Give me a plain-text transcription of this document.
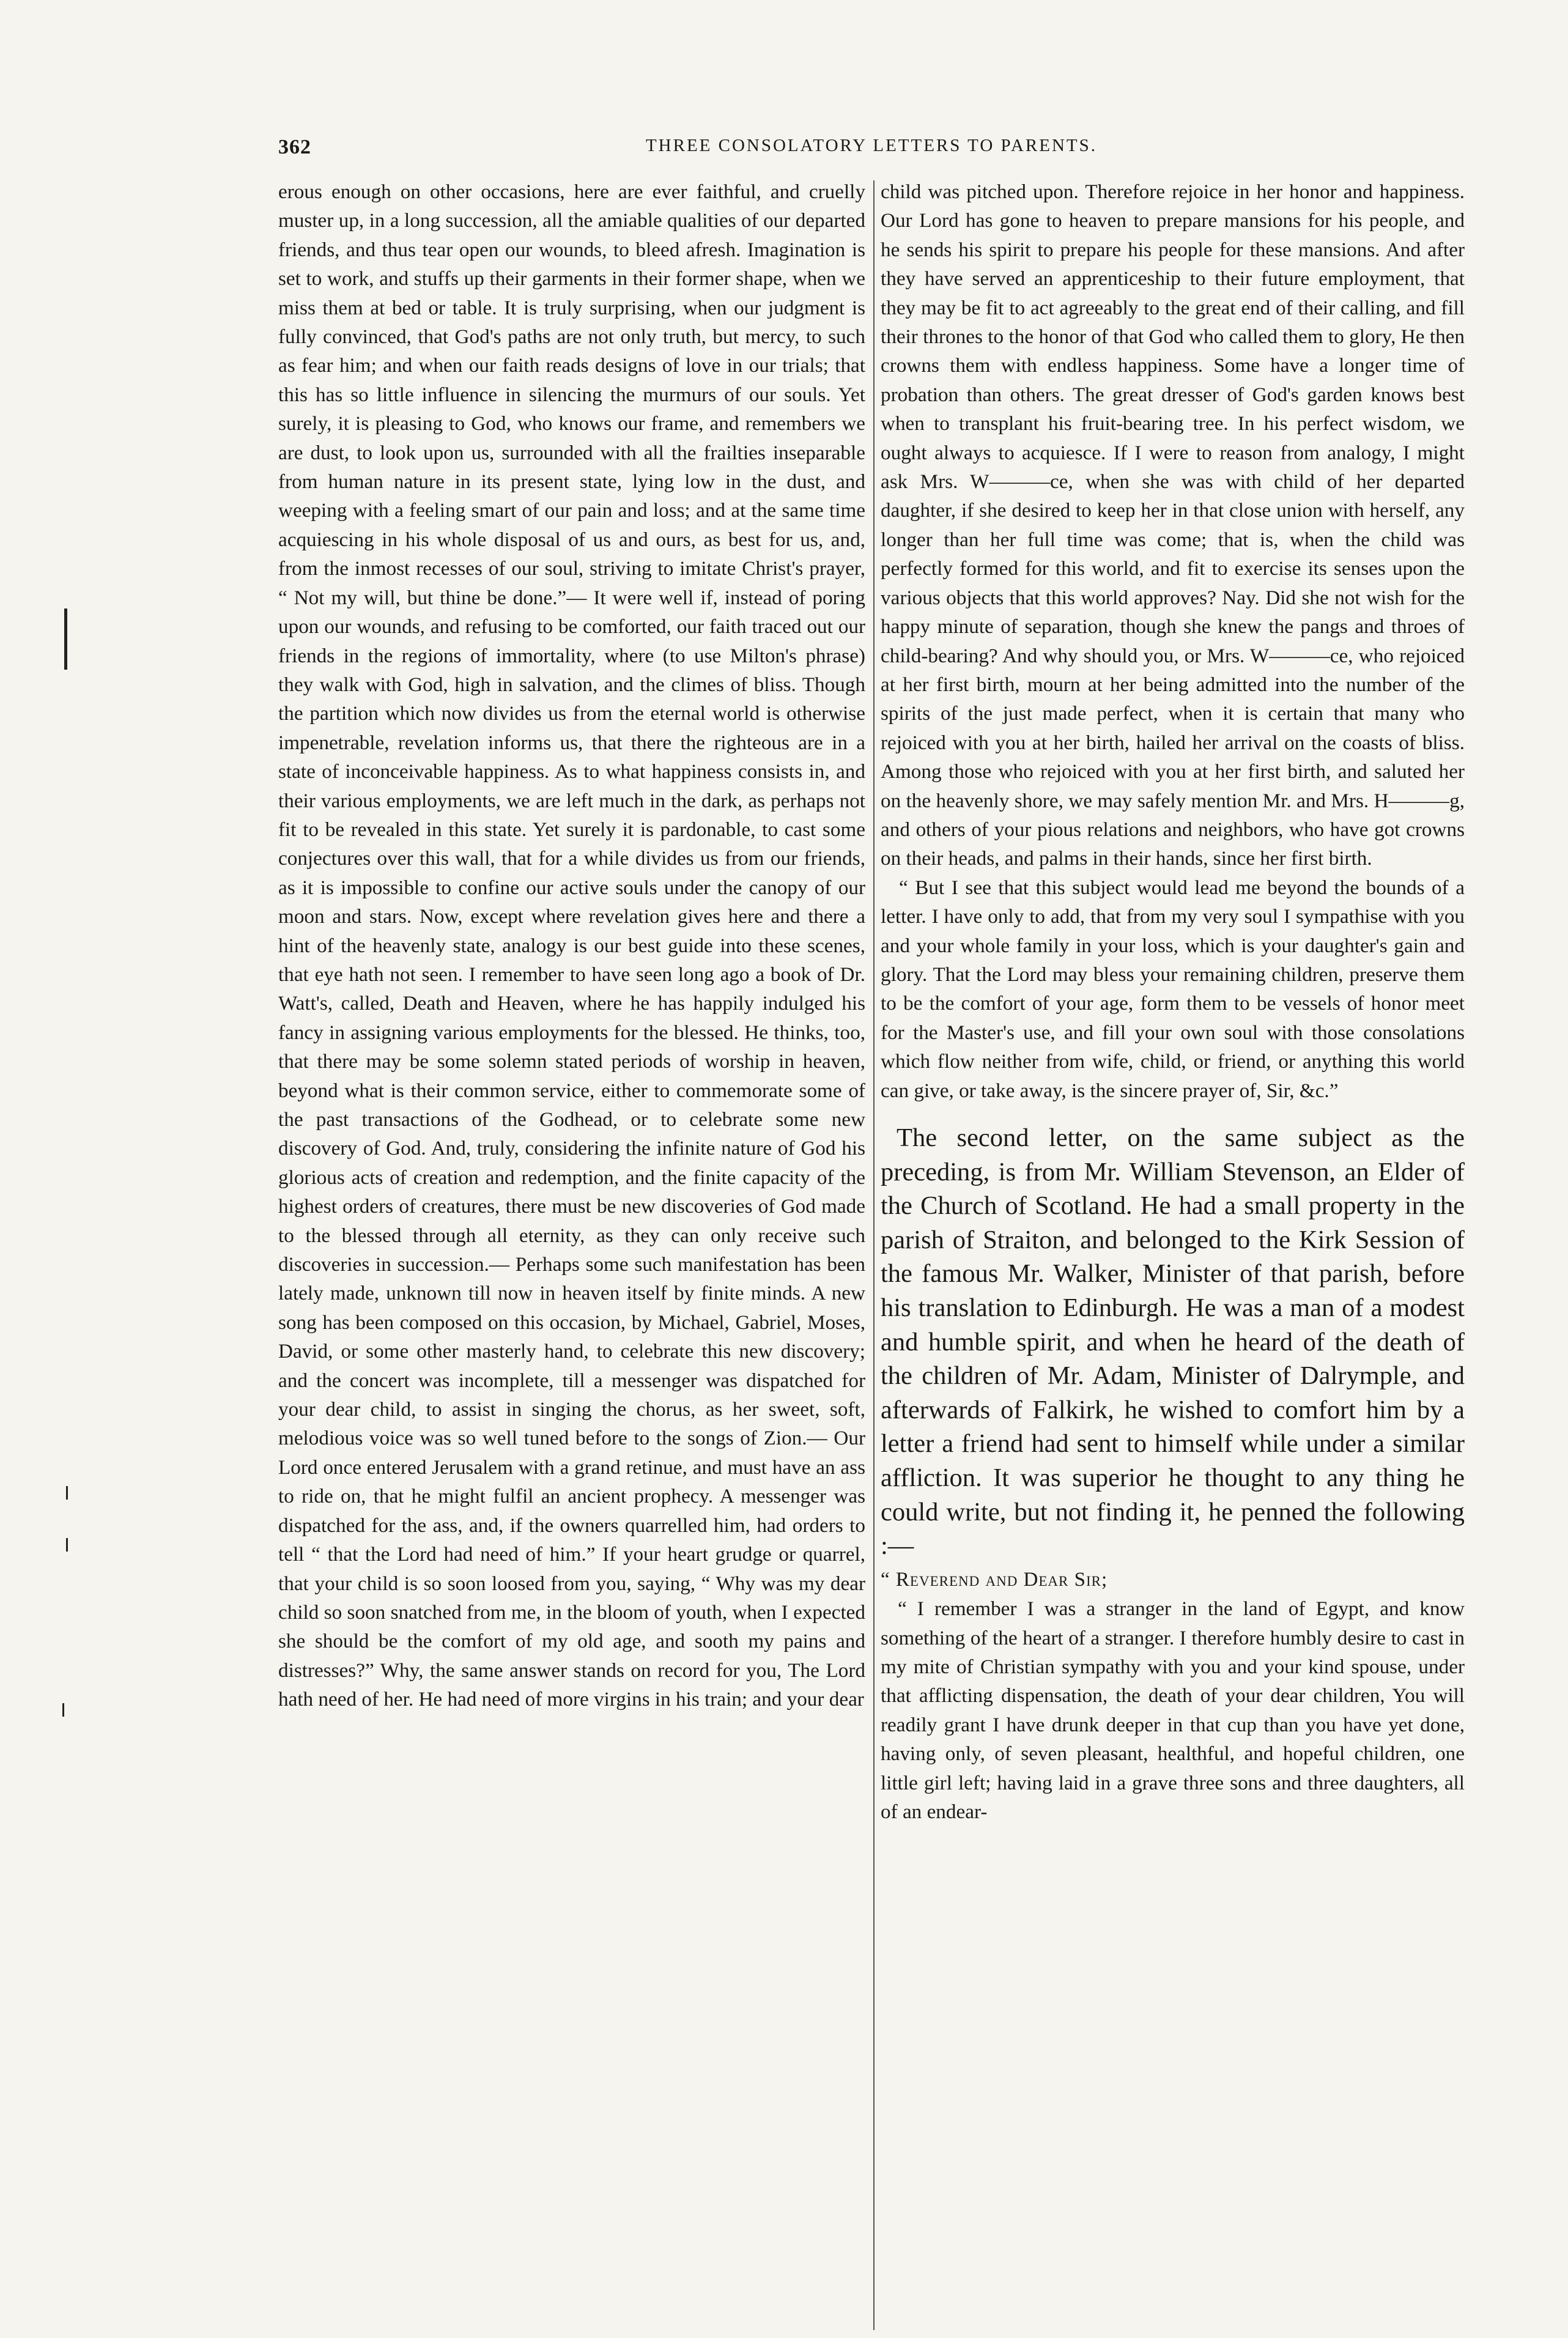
362	THREE CONSOLATORY LETTERS TO PARENTS.

erous enough on other occasions, here are ever faithful, and cruelly muster up, in a long succession, all the amiable qualities of our departed friends, and thus tear open our wounds, to bleed afresh. Imagination is set to work, and stuffs up their garments in their former shape, when we miss them at bed or table. It is truly surprising, when our judgment is fully convinced, that God's paths are not only truth, but mercy, to such as fear him; and when our faith reads designs of love in our trials; that this has so little influence in silencing the murmurs of our souls. Yet surely, it is pleasing to God, who knows our frame, and remembers we are dust, to look upon us, surrounded with all the frailties inseparable from human nature in its present state, lying low in the dust, and weeping with a feeling smart of our pain and loss; and at the same time acquiescing in his whole disposal of us and ours, as best for us, and, from the inmost recesses of our soul, striving to imitate Christ's prayer, “ Not my will, but thine be done.”— It were well if, instead of poring upon our wounds, and refusing to be comforted, our faith traced out our friends in the regions of immortality, where (to use Milton's phrase) they walk with God, high in salvation, and the climes of bliss. Though the partition which now divides us from the eternal world is otherwise impenetrable, revelation informs us, that there the righteous are in a state of inconceivable happiness. As to what happiness consists in, and their various employments, we are left much in the dark, as perhaps not fit to be revealed in this state. Yet surely it is pardonable, to cast some conjectures over this wall, that for a while divides us from our friends, as it is impossible to confine our active souls under the canopy of our moon and stars. Now, except where revelation gives here and there a hint of the heavenly state, analogy is our best guide into these scenes, that eye hath not seen. I remember to have seen long ago a book of Dr. Watt's, called, Death and Heaven, where he has happily indulged his fancy in assigning various employments for the blessed. He thinks, too, that there may be some solemn stated periods of worship in heaven, beyond what is their common service, either to commemorate some of the past transactions of the Godhead, or to celebrate some new discovery of God. And, truly, considering the infinite nature of God his glorious acts of creation and redemption, and the finite capacity of the highest orders of creatures, there must be new discoveries of God made to the blessed through all eternity, as they can only receive such discoveries in succession.— Perhaps some such manifestation has been lately made, unknown till now in heaven itself by finite minds. A new song has been composed on this occasion, by Michael, Gabriel, Moses, David, or some other masterly hand, to celebrate this new discovery; and the concert was incomplete, till a messenger was dispatched for your dear child, to assist in singing the chorus, as her sweet, soft, melodious voice was so well tuned before to the songs of Zion.— Our Lord once entered Jerusalem with a grand retinue, and must have an ass to ride on, that he might fulfil an ancient prophecy. A messenger was dispatched for the ass, and, if the owners quarrelled him, had orders to tell “ that the Lord had need of him.” If your heart grudge or quarrel, that your child is so soon loosed from you, saying, “ Why was my dear child so soon snatched from me, in the bloom of youth, when I expected she should be the comfort of my old age, and sooth my pains and distresses?” Why, the same answer stands on record for you, The Lord hath need of her. He had need of more virgins in his train; and your dear

child was pitched upon. Therefore rejoice in her honor and happiness. Our Lord has gone to heaven to prepare mansions for his people, and he sends his spirit to prepare his people for these mansions. And after they have served an apprenticeship to their future employment, that they may be fit to act agreeably to the great end of their calling, and fill their thrones to the honor of that God who called them to glory, He then crowns them with endless happiness. Some have a longer time of probation than others. The great dresser of God's garden knows best when to transplant his fruit-bearing tree. In his perfect wisdom, we ought always to acquiesce. If I were to reason from analogy, I might ask Mrs. W———ce, when she was with child of her departed daughter, if she desired to keep her in that close union with herself, any longer than her full time was come; that is, when the child was perfectly formed for this world, and fit to exercise its senses upon the various objects that this world approves? Nay. Did she not wish for the happy minute of separation, though she knew the pangs and throes of child-bearing? And why should you, or Mrs. W———ce, who rejoiced at her first birth, mourn at her being admitted into the number of the spirits of the just made perfect, when it is certain that many who rejoiced with you at her birth, hailed her arrival on the coasts of bliss. Among those who rejoiced with you at her first birth, and saluted her on the heavenly shore, we may safely mention Mr. and Mrs. H———g, and others of your pious relations and neighbors, who have got crowns on their heads, and palms in their hands, since her first birth.

“ But I see that this subject would lead me beyond the bounds of a letter. I have only to add, that from my very soul I sympathise with you and your whole family in your loss, which is your daughter's gain and glory. That the Lord may bless your remaining children, preserve them to be the comfort of your age, form them to be vessels of honor meet for the Master's use, and fill your own soul with those consolations which flow neither from wife, child, or friend, or anything this world can give, or take away, is the sincere prayer of, Sir, &c.”

The second letter, on the same subject as the preceding, is from Mr. William Stevenson, an Elder of the Church of Scotland. He had a small property in the parish of Straiton, and belonged to the Kirk Session of the famous Mr. Walker, Minister of that parish, before his translation to Edinburgh. He was a man of a modest and humble spirit, and when he heard of the death of the children of Mr. Adam, Minister of Dalrymple, and afterwards of Falkirk, he wished to comfort him by a letter a friend had sent to himself while under a similar affliction. It was superior he thought to any thing he could write, but not finding it, he penned the following :—

“ Reverend and Dear Sir;

“ I remember I was a stranger in the land of Egypt, and know something of the heart of a stranger. I therefore humbly desire to cast in my mite of Christian sympathy with you and your kind spouse, under that afflicting dispensation, the death of your dear children, You will readily grant I have drunk deeper in that cup than you have yet done, having only, of seven pleasant, healthful, and hopeful children, one little girl left; having laid in a grave three sons and three daughters, all of an endear-
